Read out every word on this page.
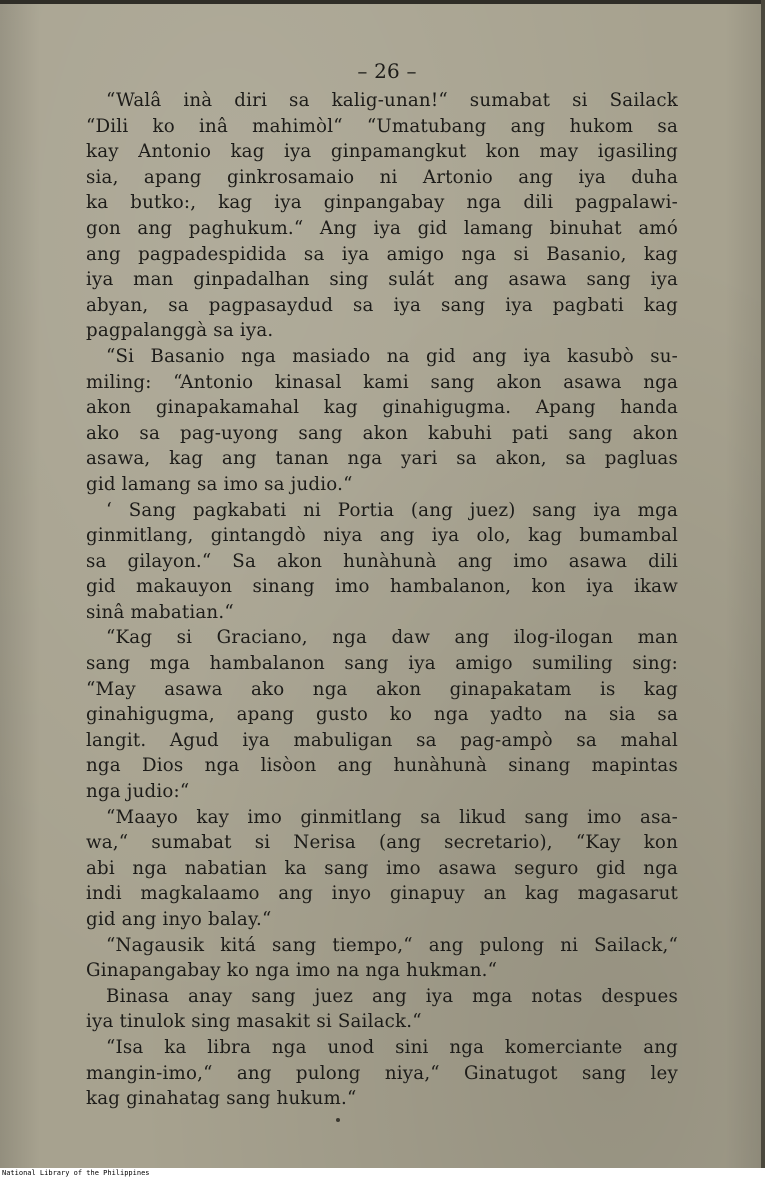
– 26 –
“Walâ inà diri sa kalig-unan!“ sumabat si Sailack
“Dili ko inâ mahimòl“ “Umatubang ang hukom sa
kay Antonio kag iya ginpamangkut kon may igasiling
sia, apang ginkrosamaio ni Artonio ang iya duha
ka butko:, kag iya ginpangabay nga dili pagpalawi-
gon ang paghukum.“ Ang iya gid lamang binuhat amó
ang pagpadespidida sa iya amigo nga si Basanio, kag
iya man ginpadalhan sing sulát ang asawa sang iya
abyan, sa pagpasaydud sa iya sang iya pagbati kag
pagpalanggà sa iya.
“Si Basanio nga masiado na gid ang iya kasubò su-
miling: “Antonio kinasal kami sang akon asawa nga
akon ginapakamahal kag ginahigugma. Apang handa
ako sa pag-uyong sang akon kabuhi pati sang akon
asawa, kag ang tanan nga yari sa akon, sa pagluas
gid lamang sa imo sa judio.“
‘ Sang pagkabati ni Portia (ang juez) sang iya mga
ginmitlang, gintangdò niya ang iya olo, kag bumambal
sa gilayon.“ Sa akon hunàhunà ang imo asawa dili
gid makauyon sinang imo hambalanon, kon iya ikaw
sinâ mabatian.“
“Kag si Graciano, nga daw ang ilog-ilogan man
sang mga hambalanon sang iya amigo sumiling sing:
“May asawa ako nga akon ginapakatam is kag
ginahigugma, apang gusto ko nga yadto na sia sa
langit. Agud iya mabuligan sa pag-ampò sa mahal
nga Dios nga lisòon ang hunàhunà sinang mapintas
nga judio:“
“Maayo kay imo ginmitlang sa likud sang imo asa-
wa,“ sumabat si Nerisa (ang secretario), “Kay kon
abi nga nabatian ka sang imo asawa seguro gid nga
indi magkalaamo ang inyo ginapuy an kag magasarut
gid ang inyo balay.“
“Nagausik kitá sang tiempo,“ ang pulong ni Sailack,“
Ginapangabay ko nga imo na nga hukman.“
Binasa anay sang juez ang iya mga notas despues
iya tinulok sing masakit si Sailack.“
“Isa ka libra nga unod sini nga komerciante ang
mangin-imo,“ ang pulong niya,“ Ginatugot sang ley
kag ginahatag sang hukum.“
National Library of the Philippines
